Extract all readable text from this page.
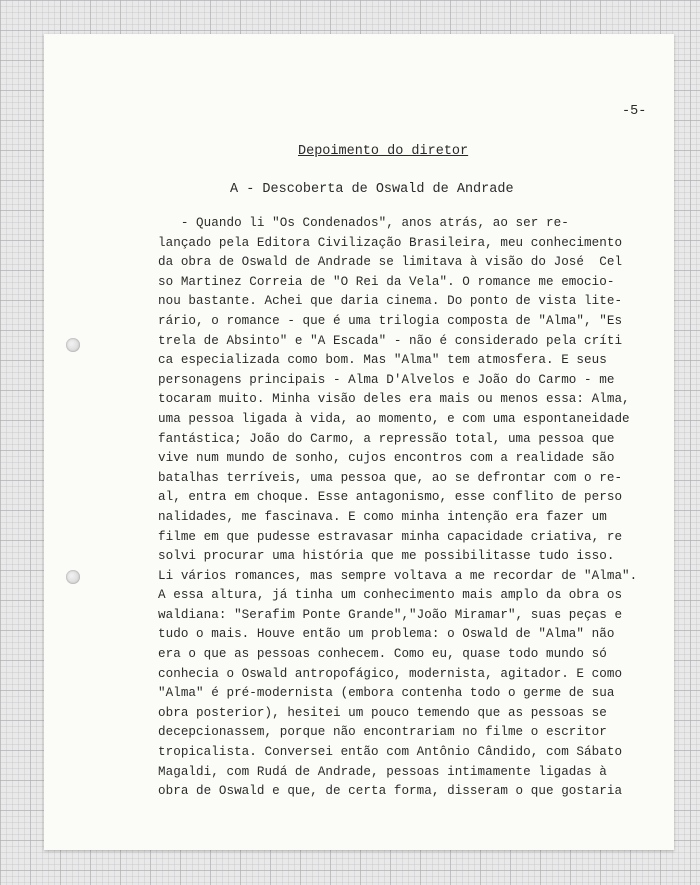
-5-
Depoimento do diretor
A - Descoberta de Oswald de Andrade
- Quando li "Os Condenados", anos atrás, ao ser re-
lançado pela Editora Civilização Brasileira, meu conhecimento
da obra de Oswald de Andrade se limitava à visão do José  Cel
so Martinez Correia de "O Rei da Vela". O romance me emocio-
nou bastante. Achei que daria cinema. Do ponto de vista lite-
rário, o romance - que é uma trilogia composta de "Alma", "Es
trela de Absinto" e "A Escada" - não é considerado pela críti
ca especializada como bom. Mas "Alma" tem atmosfera. E seus
personagens principais - Alma D'Alvelos e João do Carmo - me
tocaram muito. Minha visão deles era mais ou menos essa: Alma,
uma pessoa ligada à vida, ao momento, e com uma espontaneidade
fantástica; João do Carmo, a repressão total, uma pessoa que
vive num mundo de sonho, cujos encontros com a realidade são
batalhas terríveis, uma pessoa que, ao se defrontar com o re-
al, entra em choque. Esse antagonismo, esse conflito de perso
nalidades, me fascinava. E como minha intenção era fazer um
filme em que pudesse estravasar minha capacidade criativa, re
solvi procurar uma história que me possibilitasse tudo isso.
Li vários romances, mas sempre voltava a me recordar de "Alma".
A essa altura, já tinha um conhecimento mais amplo da obra os
waldiana: "Serafim Ponte Grande","João Miramar", suas peças e
tudo o mais. Houve então um problema: o Oswald de "Alma" não
era o que as pessoas conhecem. Como eu, quase todo mundo só
conhecia o Oswald antropofágico, modernista, agitador. E como
"Alma" é pré-modernista (embora contenha todo o germe de sua
obra posterior), hesitei um pouco temendo que as pessoas se
decepcionassem, porque não encontrariam no filme o escritor
tropicalista. Conversei então com Antônio Cândido, com Sábato
Magaldi, com Rudá de Andrade, pessoas intimamente ligadas à
obra de Oswald e que, de certa forma, disseram o que gostaria
